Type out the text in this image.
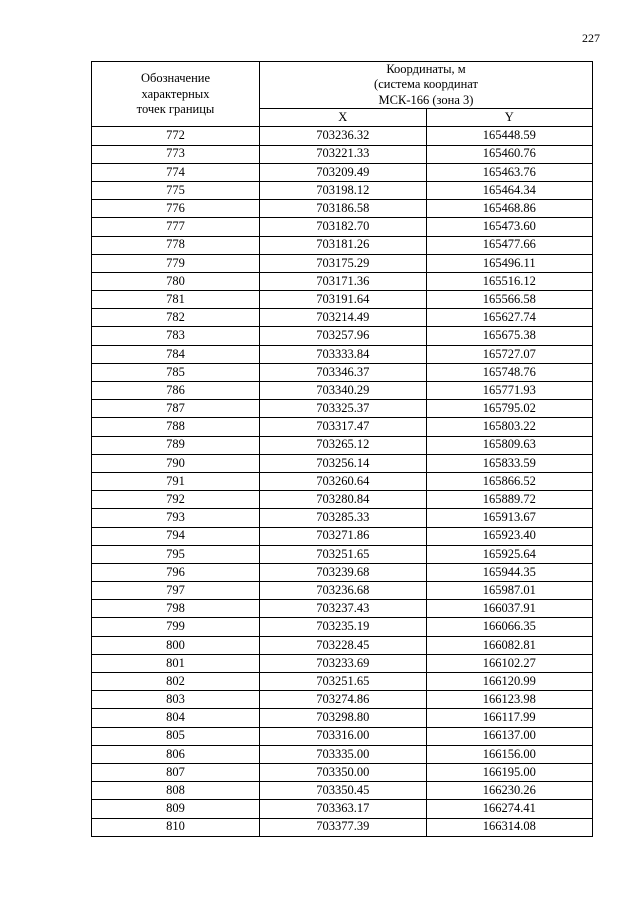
227
Обозначение
характерных
точек границы	Координаты, м
(система координат
МСК-166 (зона 3)	

	X	Y
772	703236.32	165448.59
773	703221.33	165460.76
774	703209.49	165463.76
775	703198.12	165464.34
776	703186.58	165468.86
777	703182.70	165473.60
778	703181.26	165477.66
779	703175.29	165496.11
780	703171.36	165516.12
781	703191.64	165566.58
782	703214.49	165627.74
783	703257.96	165675.38
784	703333.84	165727.07
785	703346.37	165748.76
786	703340.29	165771.93
787	703325.37	165795.02
788	703317.47	165803.22
789	703265.12	165809.63
790	703256.14	165833.59
791	703260.64	165866.52
792	703280.84	165889.72
793	703285.33	165913.67
794	703271.86	165923.40
795	703251.65	165925.64
796	703239.68	165944.35
797	703236.68	165987.01
798	703237.43	166037.91
799	703235.19	166066.35
800	703228.45	166082.81
801	703233.69	166102.27
802	703251.65	166120.99
803	703274.86	166123.98
804	703298.80	166117.99
805	703316.00	166137.00
806	703335.00	166156.00
807	703350.00	166195.00
808	703350.45	166230.26
809	703363.17	166274.41
810	703377.39	166314.08
